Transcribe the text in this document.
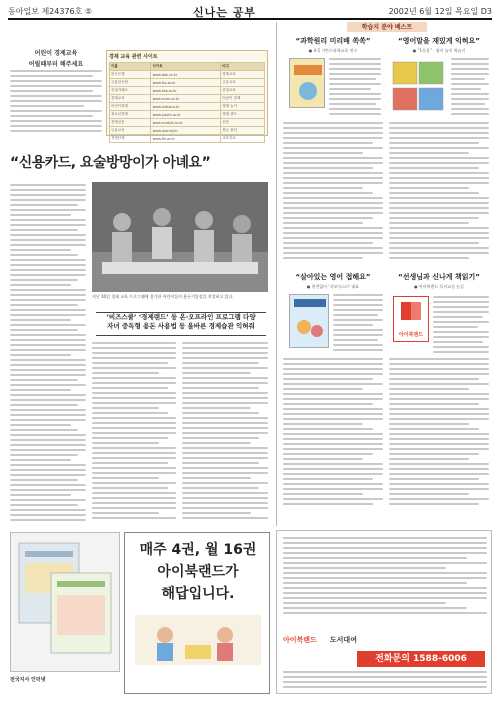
동아일보 제24376호 ⑤	신나는 공부	2002년 6월 12일 목요일 D3
어린이 경제교육
어릴때부터 해주세요
경제 교육 관련 사이트
이름	사이트	비고
한국은행	www.bok.or.kr	경제교육
금융감독원	www.fss.or.kr	금융교육
증권거래소	www.kse.or.kr	증권교육
경제교육	www.econ.or.kr	어린이 경제
어린이경제	www.kidseco.kr	경제 놀이
청소년경제	www.youth.or.kr	경제 캠프
경제신문	www.ecokid.co.kr	신문
금융교육	www.money.kr	용돈 관리
경제단체	www.fki.or.kr	교육자료
“신용카드, 요술방망이가 아녜요”
지난 10일 경제 교육 프로그램에 참가한 어린이들이 용돈기입장을 작성하고 있다.
‘비즈스쿨’ ‘경제랜드’ 등 온·오프라인 프로그램 다양
자녀 중독형 용돈 사용법 등 올바른 경제습관 익혀줘
학습지 분야 베스트
“과학원리 미리배 쏙쏙”
● 4-5 기탄수과학교육 연구
“영어말을 재밌게 익혀요”
● “1등을” · 영어 놀이 학습지
“살아있는 영어 접해요”
● 편견없이 ‘지모마스터’ 대표
“선생님과 신나게 책읽기”
● 아이북랜드 독서교실 눈길
아이북랜드
전국지사 인터넷
매주 4권, 월 16권
아이북랜드가
해답입니다.
아이북랜드 도서대여
전화문의 1588-6006
